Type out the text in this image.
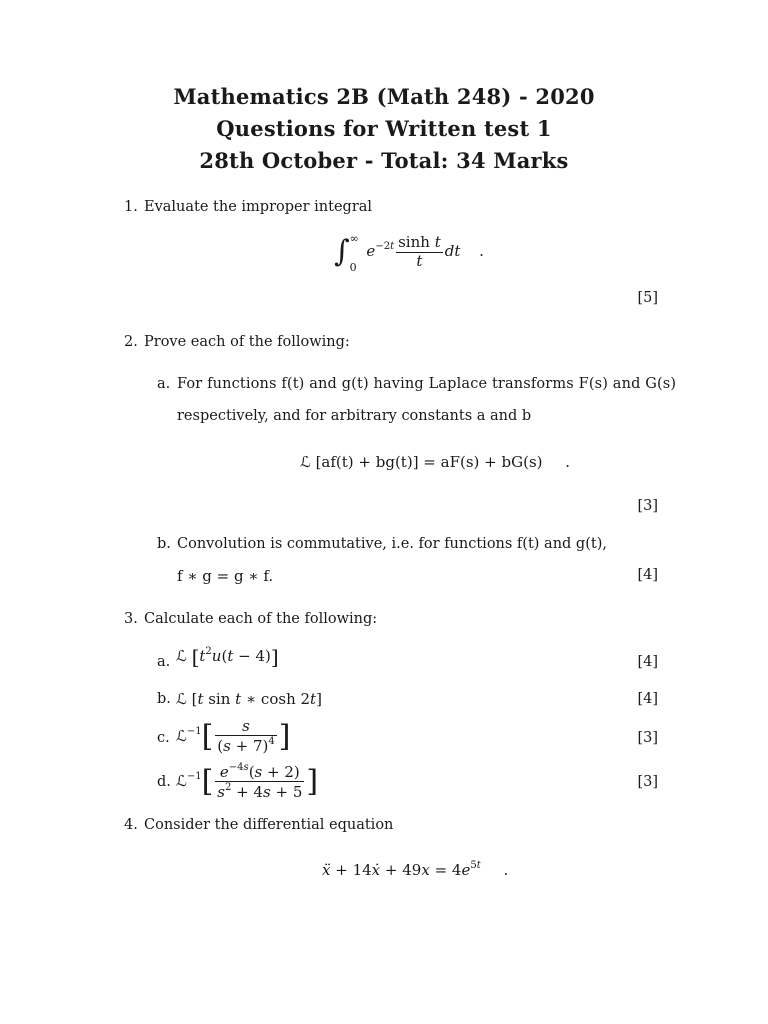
Mathematics 2B (Math 248) - 2020
Questions for Written test 1
28th October - Total: 34 Marks
1. Evaluate the improper integral
∫ ∞
0
$e^{-2t} \frac{\text{sinh t}}{t}$ dt .
[5]
2. Prove each of the following:
a. For functions f(t) and g(t) having Laplace transforms F(s) and G(s)
respectively, and for arbitrary constants a and b
ℒ [af(t) + bg(t)] = aF(s) + bG(s) .
[3]
b. Convolution is commutative, i.e. for functions f(t) and g(t),
f ∗ g = g ∗ f.	[4]
3. Calculate each of the following:
a. ℒ $[t^2u(t - 4)]$	[4]
b. ℒ [t sin t ∗ cosh 2t]	[4]
c. ℒ$^{-1}$[ $\frac{s}{(s + 7)^4}$ ]	[3]
d. ℒ$^{-1}$[ $\frac{e^{-4s}(s + 2)}{s^2 + 4s + 5}$ ]	[3]
4. Consider the differential equation
ẍ + 14ẋ + $49x = 4e^{5t}$ .
